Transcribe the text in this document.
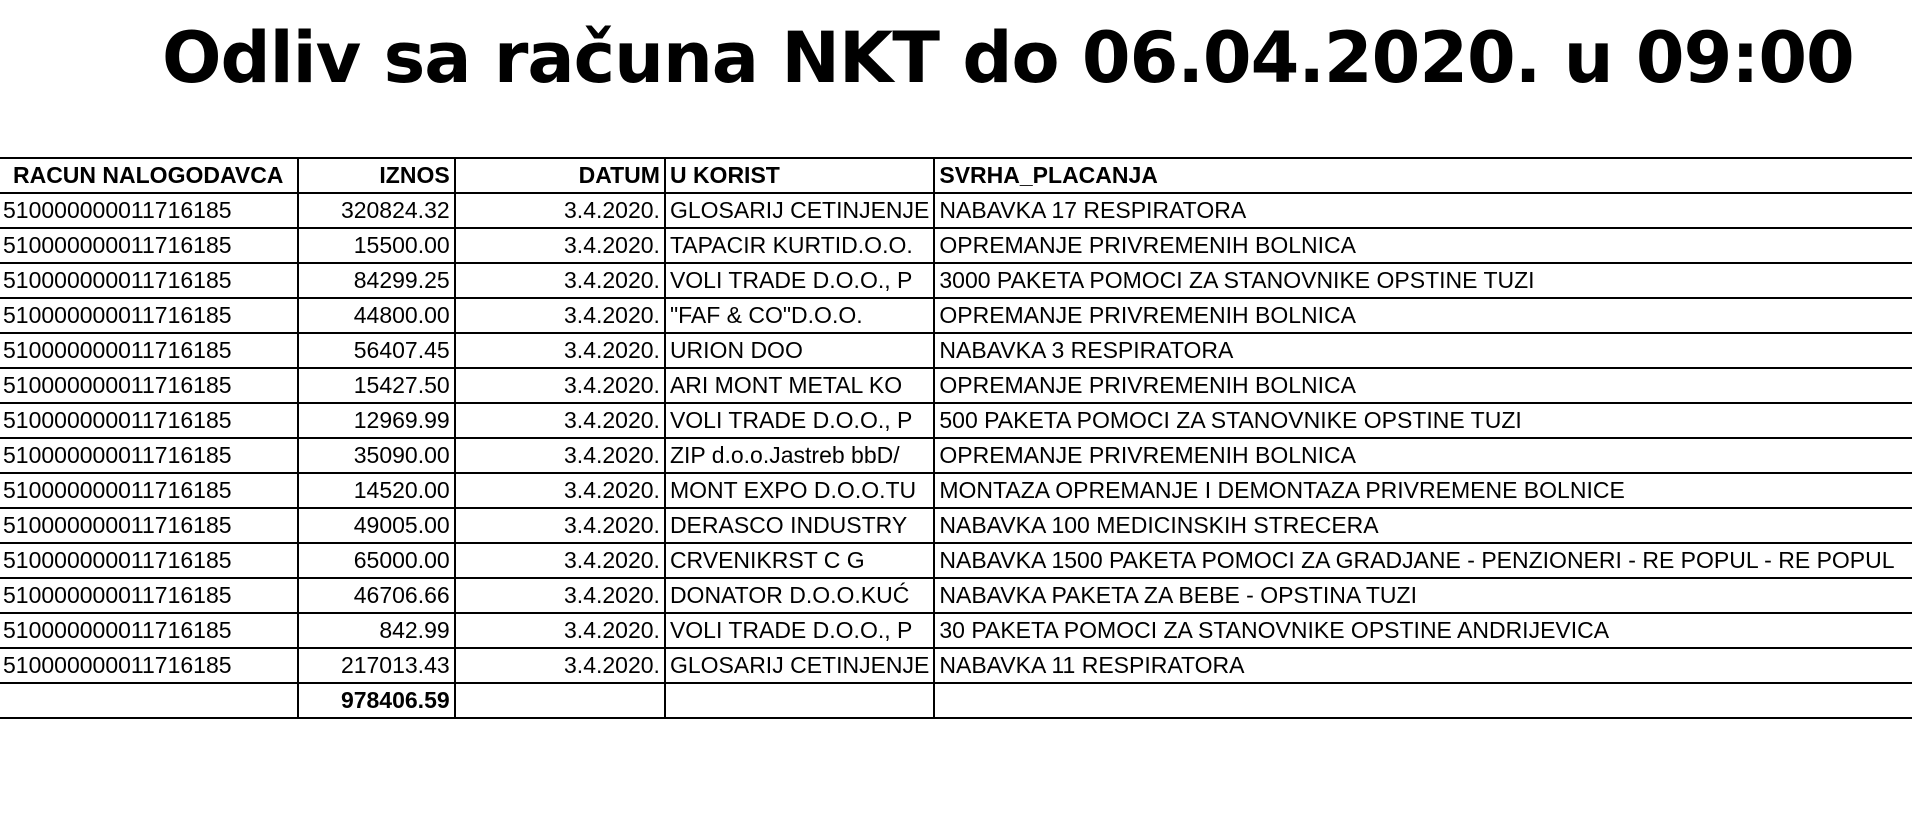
Odliv sa računa NKT do 06.04.2020. u 09:00
RACUN NALOGODAVCA	IZNOS	DATUM	U KORIST	SVRHA_PLACANJA
510000000011716185	320824.32	3.4.2020.	GLOSARIJ CETINJENJE	NABAVKA 17 RESPIRATORA
510000000011716185	15500.00	3.4.2020.	TAPACIR KURTID.O.O.	OPREMANJE PRIVREMENIH BOLNICA
510000000011716185	84299.25	3.4.2020.	VOLI TRADE D.O.O., P	3000 PAKETA POMOCI ZA STANOVNIKE OPSTINE TUZI
510000000011716185	44800.00	3.4.2020.	"FAF & CO"D.O.O.	OPREMANJE PRIVREMENIH BOLNICA
510000000011716185	56407.45	3.4.2020.	URION DOO	NABAVKA 3 RESPIRATORA
510000000011716185	15427.50	3.4.2020.	ARI MONT METAL KO	OPREMANJE PRIVREMENIH BOLNICA
510000000011716185	12969.99	3.4.2020.	VOLI TRADE D.O.O., P	500 PAKETA POMOCI ZA STANOVNIKE OPSTINE TUZI
510000000011716185	35090.00	3.4.2020.	ZIP d.o.o.Jastreb bbD/	OPREMANJE PRIVREMENIH BOLNICA
510000000011716185	14520.00	3.4.2020.	MONT EXPO D.O.O.TU	MONTAZA OPREMANJE I DEMONTAZA PRIVREMENE BOLNICE
510000000011716185	49005.00	3.4.2020.	DERASCO INDUSTRY	NABAVKA 100 MEDICINSKIH STRECERA
510000000011716185	65000.00	3.4.2020.	CRVENIKRST C G	NABAVKA 1500 PAKETA POMOCI ZA GRADJANE - PENZIONERI - RE POPUL - RE POPUL
510000000011716185	46706.66	3.4.2020.	DONATOR D.O.O.KUĆ	NABAVKA PAKETA ZA BEBE - OPSTINA TUZI
510000000011716185	842.99	3.4.2020.	VOLI TRADE D.O.O., P	30 PAKETA POMOCI ZA STANOVNIKE OPSTINE ANDRIJEVICA
510000000011716185	217013.43	3.4.2020.	GLOSARIJ CETINJENJE	NABAVKA 11 RESPIRATORA
	978406.59			
